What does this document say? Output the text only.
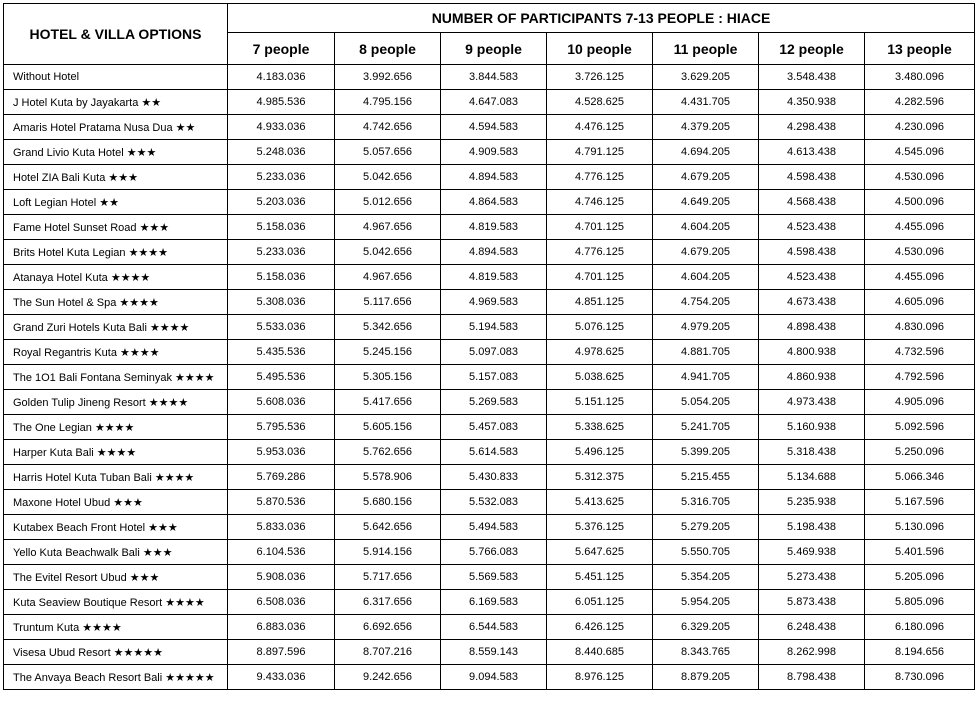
HOTEL & VILLA OPTIONS	NUMBER OF PARTICIPANTS 7-13 PEOPLE : HIACE						
	7 people	8 people	9 people	10 people	11 people	12 people	13 people
Without Hotel	4.183.036	3.992.656	3.844.583	3.726.125	3.629.205	3.548.438	3.480.096
J Hotel Kuta by Jayakarta ★★	4.985.536	4.795.156	4.647.083	4.528.625	4.431.705	4.350.938	4.282.596
Amaris Hotel Pratama Nusa Dua ★★	4.933.036	4.742.656	4.594.583	4.476.125	4.379.205	4.298.438	4.230.096
Grand Livio Kuta Hotel ★★★	5.248.036	5.057.656	4.909.583	4.791.125	4.694.205	4.613.438	4.545.096
Hotel ZIA Bali Kuta ★★★	5.233.036	5.042.656	4.894.583	4.776.125	4.679.205	4.598.438	4.530.096
Loft Legian Hotel ★★	5.203.036	5.012.656	4.864.583	4.746.125	4.649.205	4.568.438	4.500.096
Fame Hotel Sunset Road ★★★	5.158.036	4.967.656	4.819.583	4.701.125	4.604.205	4.523.438	4.455.096
Brits Hotel Kuta Legian ★★★★	5.233.036	5.042.656	4.894.583	4.776.125	4.679.205	4.598.438	4.530.096
Atanaya Hotel Kuta ★★★★	5.158.036	4.967.656	4.819.583	4.701.125	4.604.205	4.523.438	4.455.096
The Sun Hotel & Spa ★★★★	5.308.036	5.117.656	4.969.583	4.851.125	4.754.205	4.673.438	4.605.096
Grand Zuri Hotels Kuta Bali ★★★★	5.533.036	5.342.656	5.194.583	5.076.125	4.979.205	4.898.438	4.830.096
Royal Regantris Kuta ★★★★	5.435.536	5.245.156	5.097.083	4.978.625	4.881.705	4.800.938	4.732.596
The 1O1 Bali Fontana Seminyak ★★★★	5.495.536	5.305.156	5.157.083	5.038.625	4.941.705	4.860.938	4.792.596
Golden Tulip Jineng Resort ★★★★	5.608.036	5.417.656	5.269.583	5.151.125	5.054.205	4.973.438	4.905.096
The One Legian ★★★★	5.795.536	5.605.156	5.457.083	5.338.625	5.241.705	5.160.938	5.092.596
Harper Kuta Bali ★★★★	5.953.036	5.762.656	5.614.583	5.496.125	5.399.205	5.318.438	5.250.096
Harris Hotel Kuta Tuban Bali ★★★★	5.769.286	5.578.906	5.430.833	5.312.375	5.215.455	5.134.688	5.066.346
Maxone Hotel Ubud ★★★	5.870.536	5.680.156	5.532.083	5.413.625	5.316.705	5.235.938	5.167.596
Kutabex Beach Front Hotel ★★★	5.833.036	5.642.656	5.494.583	5.376.125	5.279.205	5.198.438	5.130.096
Yello Kuta Beachwalk Bali ★★★	6.104.536	5.914.156	5.766.083	5.647.625	5.550.705	5.469.938	5.401.596
The Evitel Resort Ubud ★★★	5.908.036	5.717.656	5.569.583	5.451.125	5.354.205	5.273.438	5.205.096
Kuta Seaview Boutique Resort ★★★★	6.508.036	6.317.656	6.169.583	6.051.125	5.954.205	5.873.438	5.805.096
Truntum Kuta ★★★★	6.883.036	6.692.656	6.544.583	6.426.125	6.329.205	6.248.438	6.180.096
Visesa Ubud Resort ★★★★★	8.897.596	8.707.216	8.559.143	8.440.685	8.343.765	8.262.998	8.194.656
The Anvaya Beach Resort Bali ★★★★★	9.433.036	9.242.656	9.094.583	8.976.125	8.879.205	8.798.438	8.730.096
